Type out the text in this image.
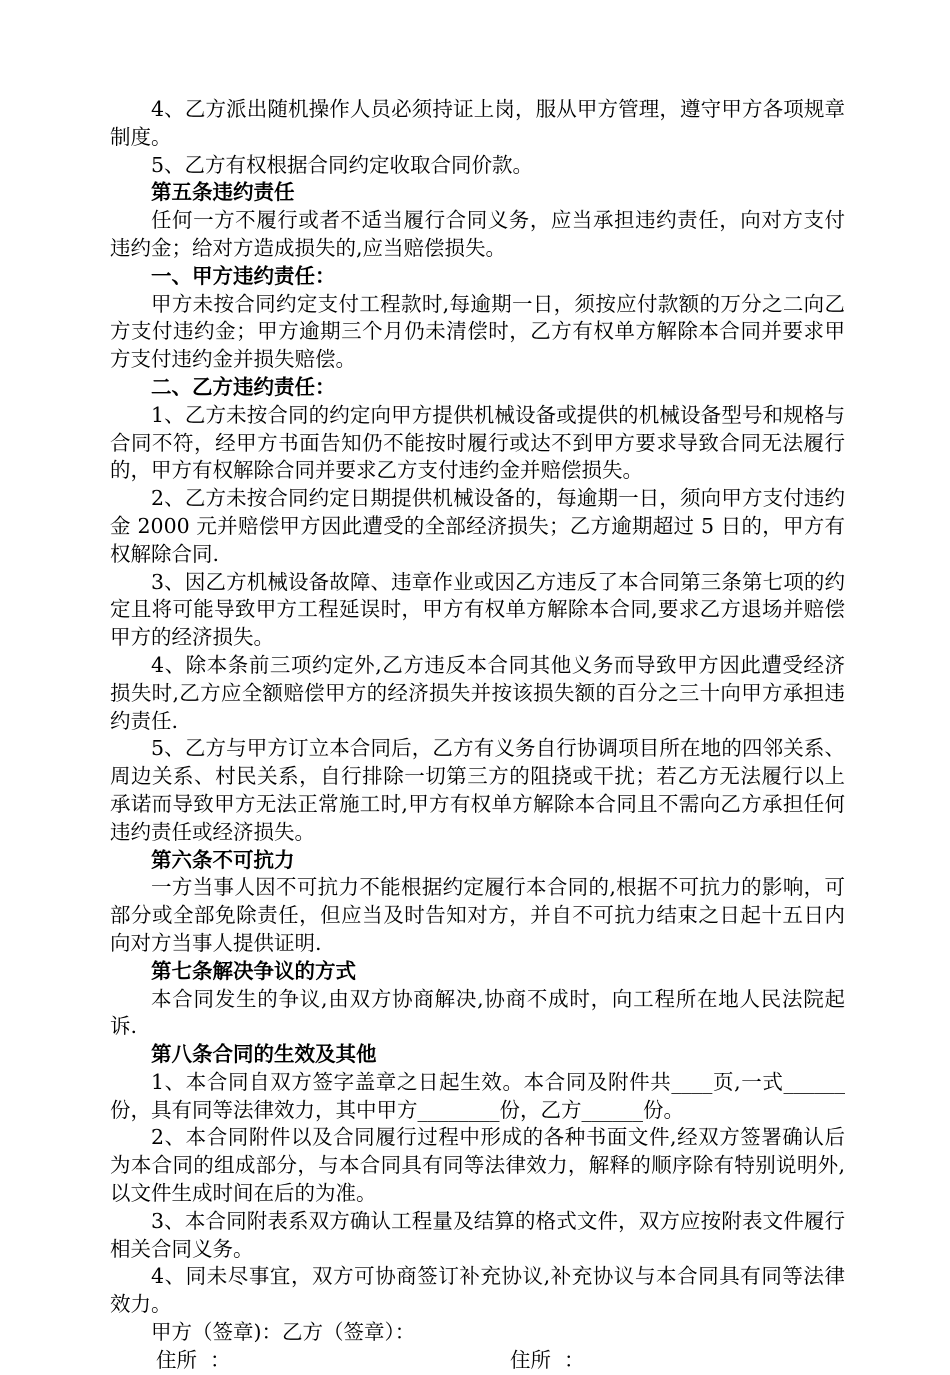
4、乙方派出随机操作人员必须持证上岗，服从甲方管理，遵守甲方各项规章制度。

5、乙方有权根据合同约定收取合同价款。

第五条违约责任

任何一方不履行或者不适当履行合同义务，应当承担违约责任，向对方支付违约金；给对方造成损失的,应当赔偿损失。

一、甲方违约责任：

甲方未按合同约定支付工程款时,每逾期一日，须按应付款额的万分之二向乙方支付违约金；甲方逾期三个月仍未清偿时，乙方有权单方解除本合同并要求甲方支付违约金并损失赔偿。

二、乙方违约责任：

1、乙方未按合同的约定向甲方提供机械设备或提供的机械设备型号和规格与合同不符，经甲方书面告知仍不能按时履行或达不到甲方要求导致合同无法履行的，甲方有权解除合同并要求乙方支付违约金并赔偿损失。

2、乙方未按合同约定日期提供机械设备的，每逾期一日，须向甲方支付违约金 2000 元并赔偿甲方因此遭受的全部经济损失；乙方逾期超过 5 日的，甲方有权解除合同.

3、因乙方机械设备故障、违章作业或因乙方违反了本合同第三条第七项的约定且将可能导致甲方工程延误时，甲方有权单方解除本合同,要求乙方退场并赔偿甲方的经济损失。

4、除本条前三项约定外,乙方违反本合同其他义务而导致甲方因此遭受经济损失时,乙方应全额赔偿甲方的经济损失并按该损失额的百分之三十向甲方承担违约责任.

5、乙方与甲方订立本合同后，乙方有义务自行协调项目所在地的四邻关系、周边关系、村民关系，自行排除一切第三方的阻挠或干扰；若乙方无法履行以上承诺而导致甲方无法正常施工时,甲方有权单方解除本合同且不需向乙方承担任何违约责任或经济损失。

第六条不可抗力

一方当事人因不可抗力不能根据约定履行本合同的,根据不可抗力的影响，可部分或全部免除责任，但应当及时告知对方，并自不可抗力结束之日起十五日内向对方当事人提供证明.

第七条解决争议的方式

本合同发生的争议,由双方协商解决,协商不成时，向工程所在地人民法院起诉.

第八条合同的生效及其他

1、本合同自双方签字盖章之日起生效。本合同及附件共____页,一式______份，具有同等法律效力，其中甲方________份，乙方______份。

2、本合同附件以及合同履行过程中形成的各种书面文件,经双方签署确认后为本合同的组成部分，与本合同具有同等法律效力，解释的顺序除有特别说明外,以文件生成时间在后的为准。

3、本合同附表系双方确认工程量及结算的格式文件，双方应按附表文件履行相关合同义务。

4、同未尽事宜，双方可协商签订补充协议,补充协议与本合同具有同等法律效力。

甲方（签章)：乙方（签章）：

住所  ：	住所  ：
